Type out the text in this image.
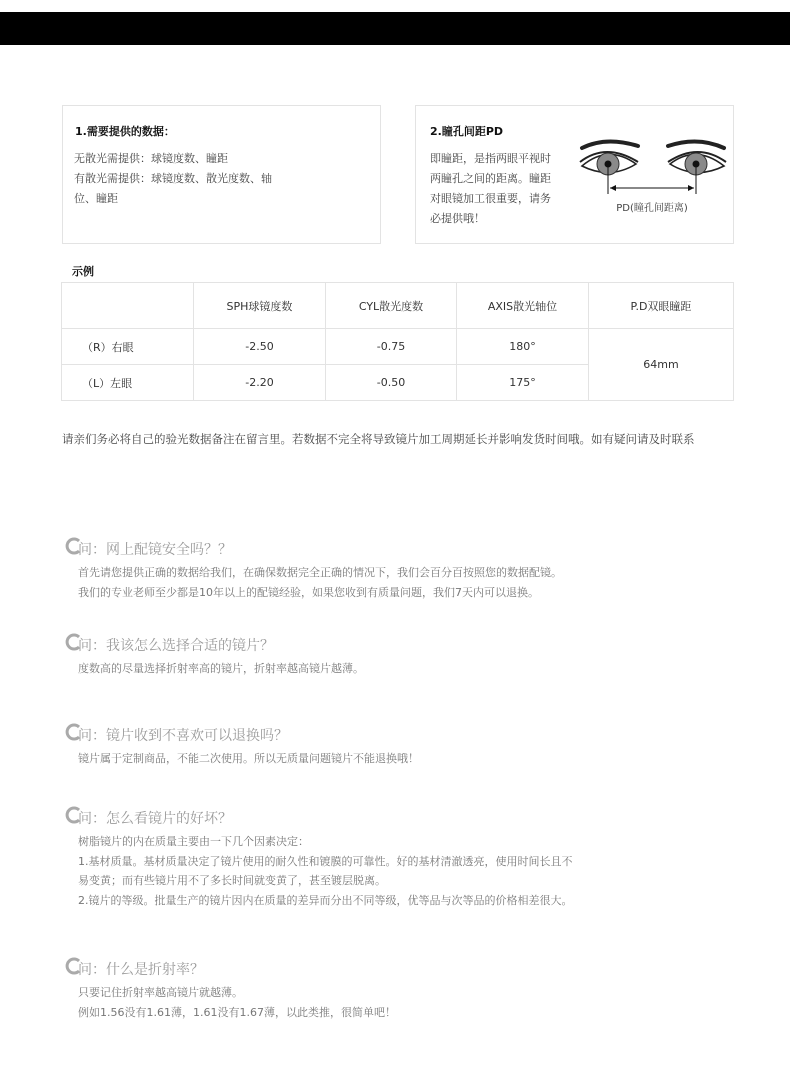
1.需要提供的数据：
无散光需提供：球镜度数、瞳距
有散光需提供：球镜度数、散光度数、轴
位、瞳距
2.瞳孔间距PD
即瞳距，是指两眼平视时
两瞳孔之间的距离。瞳距
对眼镜加工很重要，请务
必提供哦！
PD(瞳孔间距离)
示例
	SPH球镜度数	CYL散光度数	AXIS散光轴位	P.D双眼瞳距
（R）右眼	-2.50	-0.75	180°	64mm
（L）左眼	-2.20	-0.50	175°	
请亲们务必将自己的验光数据备注在留言里。若数据不完全将导致镜片加工周期延长并影响发货时间哦。如有疑问请及时联系
问：网上配镜安全吗？？
首先请您提供正确的数据给我们，在确保数据完全正确的情况下，我们会百分百按照您的数据配镜。
我们的专业老师至少都是10年以上的配镜经验，如果您收到有质量问题，我们7天内可以退换。
问：我该怎么选择合适的镜片？
度数高的尽量选择折射率高的镜片，折射率越高镜片越薄。
问：镜片收到不喜欢可以退换吗？
镜片属于定制商品，不能二次使用。所以无质量问题镜片不能退换哦！
问：怎么看镜片的好坏？
树脂镜片的内在质量主要由一下几个因素决定：
1.基材质量。基材质量决定了镜片使用的耐久性和镀膜的可靠性。好的基材清澈透亮，使用时间长且不
易变黄；而有些镜片用不了多长时间就变黄了，甚至镀层脱离。
2.镜片的等级。批量生产的镜片因内在质量的差异而分出不同等级，优等品与次等品的价格相差很大。
问：什么是折射率？
只要记住折射率越高镜片就越薄。
例如1.56没有1.61薄，1.61没有1.67薄，以此类推，很简单吧！
